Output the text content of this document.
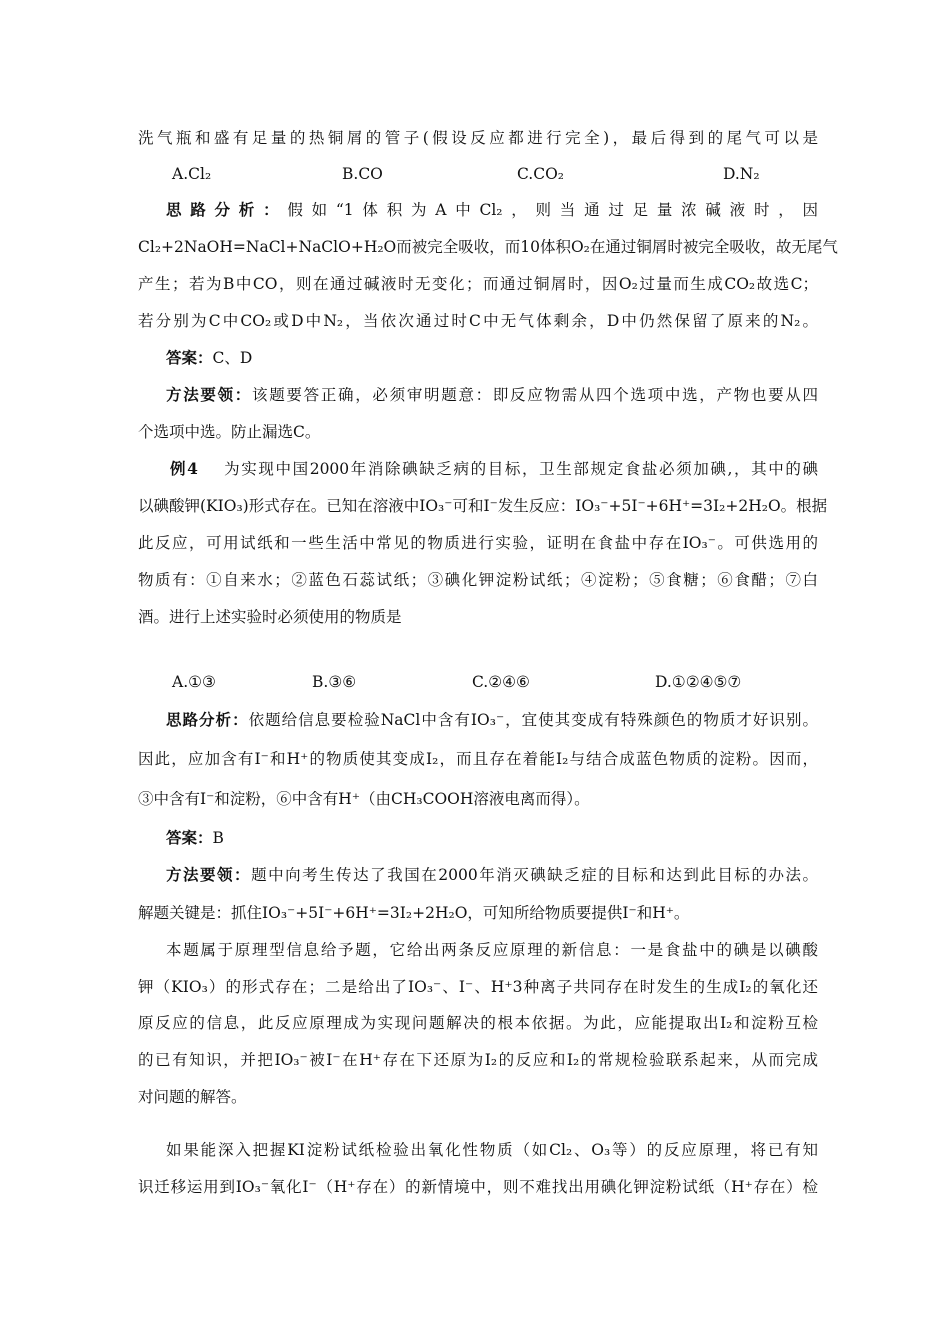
洗气瓶和盛有足量的热铜屑的管子(假设反应都进行完全)，最后得到的尾气可以是
A.Cl₂	B.CO	C.CO₂	D.N₂
思路分析：假如“1体积为A中Cl₂，则当通过足量浓碱液时，因
Cl₂+2NaOH=NaCl+NaClO+H₂O而被完全吸收，而10体积O₂在通过铜屑时被完全吸收，故无尾气
产生；若为B中CO，则在通过碱液时无变化；而通过铜屑时，因O₂过量而生成CO₂故选C；
若分别为C中CO₂或D中N₂，当依次通过时C中无气体剩余，D中仍然保留了原来的N₂。
答案：C、D
方法要领：该题要答正确，必须审明题意：即反应物需从四个选项中选，产物也要从四
个选项中选。防止漏选C。
例4 为实现中国2000年消除碘缺乏病的目标，卫生部规定食盐必须加碘,，其中的碘
以碘酸钾(KIO₃)形式存在。已知在溶液中IO₃⁻可和I⁻发生反应：IO₃⁻+5I⁻+6H⁺=3I₂+2H₂O。根据
此反应，可用试纸和一些生活中常见的物质进行实验，证明在食盐中存在IO₃⁻。可供选用的
物质有：①自来水；②蓝色石蕊试纸；③碘化钾淀粉试纸；④淀粉；⑤食糖；⑥食醋；⑦白
酒。进行上述实验时必须使用的物质是
A.①③	B.③⑥	C.②④⑥	D.①②④⑤⑦
思路分析：依题给信息要检验NaCl中含有IO₃⁻，宜使其变成有特殊颜色的物质才好识别。
因此，应加含有I⁻和H⁺的物质使其变成I₂，而且存在着能I₂与结合成蓝色物质的淀粉。因而，
③中含有I⁻和淀粉，⑥中含有H⁺（由CH₃COOH溶液电离而得）。
答案：B
方法要领：题中向考生传达了我国在2000年消灭碘缺乏症的目标和达到此目标的办法。
解题关键是：抓住IO₃⁻+5I⁻+6H⁺=3I₂+2H₂O，可知所给物质要提供I⁻和H⁺。
本题属于原理型信息给予题，它给出两条反应原理的新信息：一是食盐中的碘是以碘酸
钾（KIO₃）的形式存在；二是给出了IO₃⁻、I⁻、H⁺3种离子共同存在时发生的生成I₂的氧化还
原反应的信息，此反应原理成为实现问题解决的根本依据。为此，应能提取出I₂和淀粉互检
的已有知识，并把IO₃⁻被I⁻在H⁺存在下还原为I₂的反应和I₂的常规检验联系起来，从而完成
对问题的解答。
如果能深入把握KI淀粉试纸检验出氧化性物质（如Cl₂、O₃等）的反应原理，将已有知
识迁移运用到IO₃⁻氧化I⁻（H⁺存在）的新情境中，则不难找出用碘化钾淀粉试纸（H⁺存在）检
